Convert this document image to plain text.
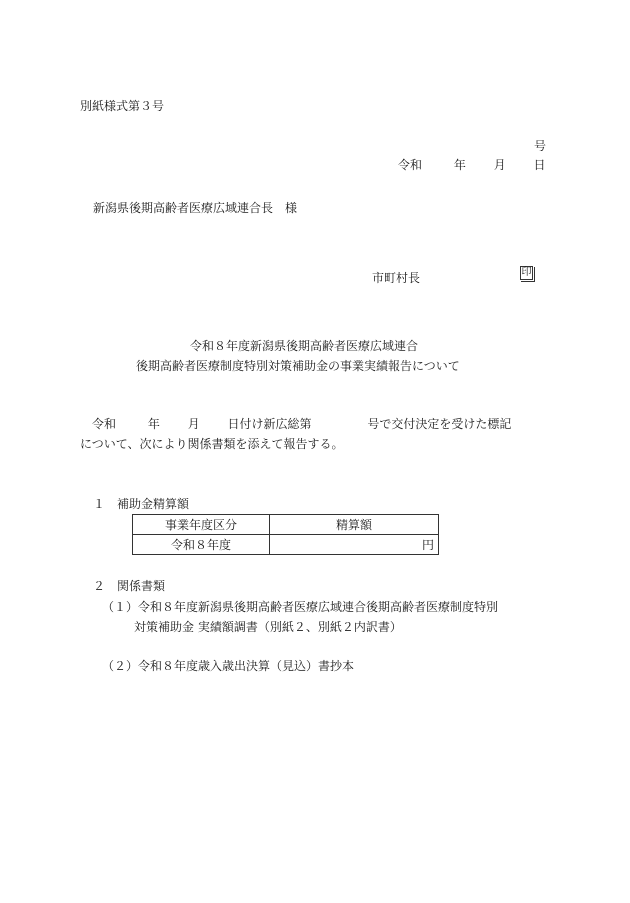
別紙様式第３号
号
令和	年 月 日
新潟県後期高齢者医療広域連合長　様
市町村長	印
令和８年度新潟県後期高齢者医療広域連合
後期高齢者医療制度特別対策補助金の事業実績報告について
令和	年 月 日付け新広総第	号で交付決定を受けた標記
について、次により関係書類を添えて報告する。
１　補助金精算額
事業年度区分	精算額
令和８年度	円
２　関係書類
（１）令和８年度新潟県後期高齢者医療広域連合後期高齢者医療制度特別
対策補助金 実績額調書（別紙２、別紙２内訳書）
（２）令和８年度歳入歳出決算（見込）書抄本
